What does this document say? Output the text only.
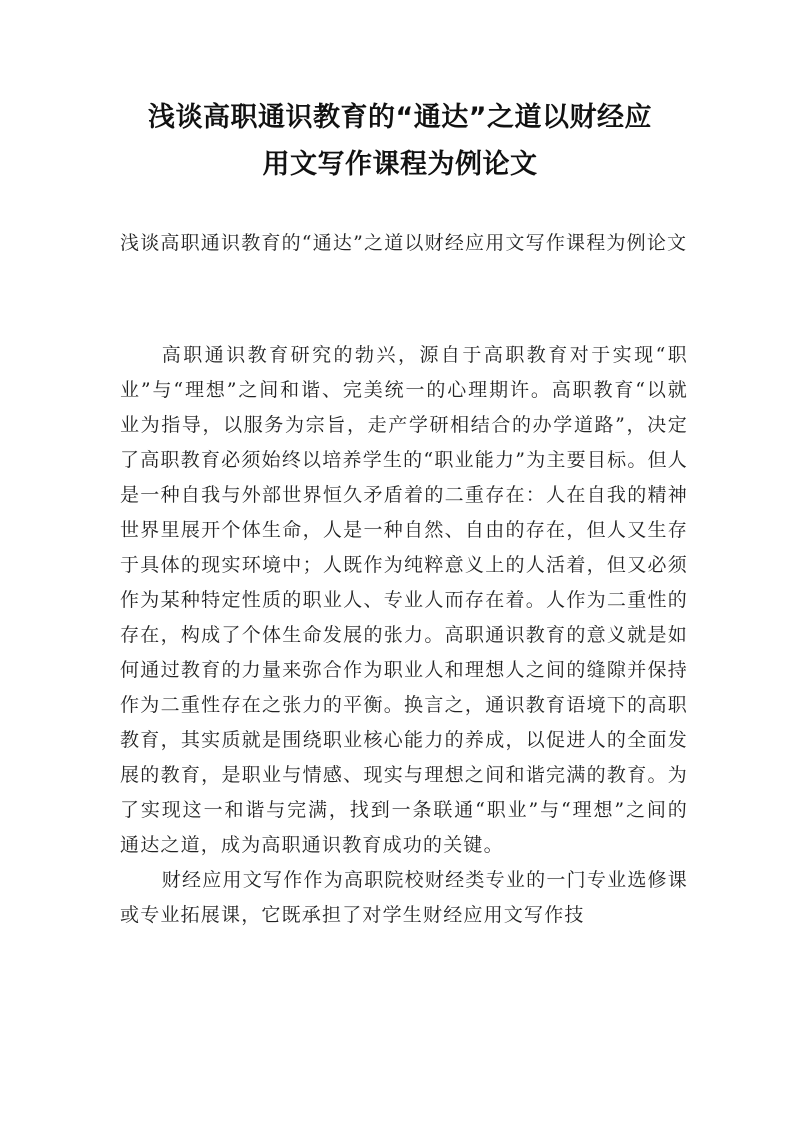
浅谈高职通识教育的“通达”之道以财经应
用文写作课程为例论文

浅谈高职通识教育的“通达”之道以财经应用文写作课程为例论文

高职通识教育研究的勃兴，源自于高职教育对于实现“职业”与“理想”之间和谐、完美统一的心理期许。高职教育“以就业为指导，以服务为宗旨，走产学研相结合的办学道路”，决定了高职教育必须始终以培养学生的“职业能力”为主要目标。但人是一种自我与外部世界恒久矛盾着的二重存在：人在自我的精神世界里展开个体生命，人是一种自然、自由的存在，但人又生存于具体的现实环境中；人既作为纯粹意义上的人活着，但又必须作为某种特定性质的职业人、专业人而存在着。人作为二重性的存在，构成了个体生命发展的张力。高职通识教育的意义就是如何通过教育的力量来弥合作为职业人和理想人之间的缝隙并保持作为二重性存在之张力的平衡。换言之，通识教育语境下的高职教育，其实质就是围绕职业核心能力的养成，以促进人的全面发展的教育，是职业与情感、现实与理想之间和谐完满的教育。为了实现这一和谐与完满，找到一条联通“职业”与“理想”之间的通达之道，成为高职通识教育成功的关键。

财经应用文写作作为高职院校财经类专业的一门专业选修课或专业拓展课，它既承担了对学生财经应用文写作技
